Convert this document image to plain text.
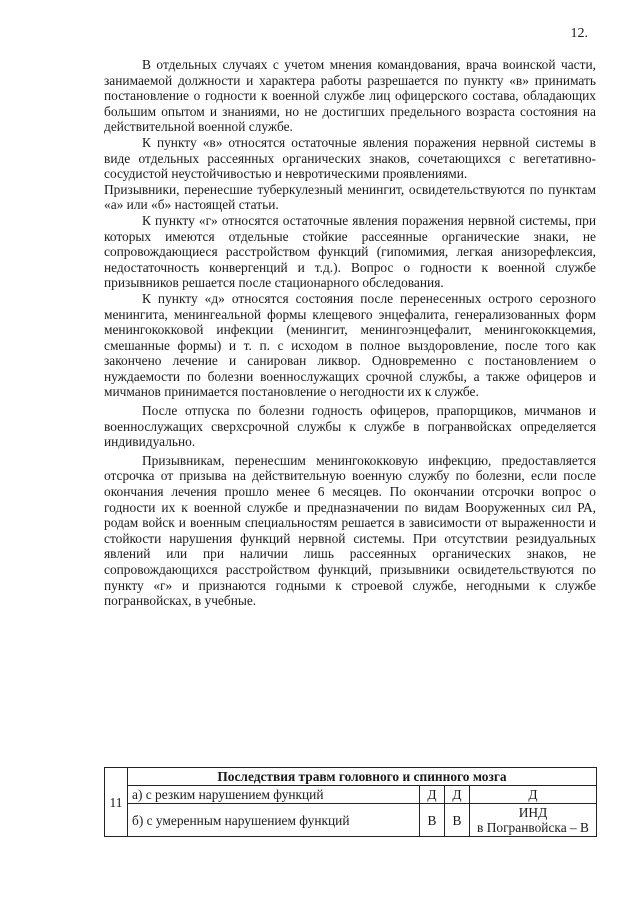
12.

В отдельных случаях с учетом мнения командования, врача воинской части, занимаемой должности и характера работы разрешается по пункту «в» принимать постановление о годности к военной службе лиц офицерского состава, обладающих большим опытом и знаниями, но не достигших предельного возраста состояния на действительной военной службе.

К пункту «в» относятся остаточные явления поражения нервной системы в виде отдельных рассеянных органических знаков, сочетающихся с вегетативно-сосудистой неустойчивостью и невротическими проявлениями.

Призывники, перенесшие туберкулезный менингит, освидетельствуются по пунктам «а» или «б» настоящей статьи.

К пункту «г» относятся остаточные явления поражения нервной системы, при которых имеются отдельные стойкие рассеянные органические знаки, не сопровождающиеся расстройством функций (гипомимия, легкая анизорефлексия, недостаточность конвергенций и т.д.). Вопрос о годности к военной службе призывников решается после стационарного обследования.

К пункту «д» относятся состояния после перенесенных острого серозного менингита, менингеальной формы клещевого энцефалита, генерализованных форм менингококковой инфекции (менингит, менингоэнцефалит, менингококкцемия, смешанные формы) и т. п. с исходом в полное выздоровление, после того как закончено лечение и санирован ликвор. Одновременно с постановлением о нуждаемости по болезни военнослужащих срочной службы, а также офицеров и мичманов принимается постановление о негодности их к службе.

После отпуска по болезни годность офицеров, прапорщиков, мичманов и военнослужащих сверхсрочной службы к службе в погранвойсках определяется индивидуально.

Призывникам, перенесшим менингококковую инфекцию, предоставляется отсрочка от призыва на действительную военную службу по болезни, если после окончания лечения прошло менее 6 месяцев. По окончании отсрочки вопрос о годности их к военной службе и предназначении по видам Вооруженных сил РА, родам войск и военным специальностям решается в зависимости от выраженности и стойкости нарушения функций нервной системы. При отсутствии резидуальных явлений или при наличии лишь рассеянных органических знаков, не сопровождающихся расстройством функций, призывники освидетельствуются по пункту «г» и признаются годными к строевой службе, негодными к службе погранвойсках, в учебные.

11	Последствия травм головного и спинного мозга			
	а) с резким нарушением функций	Д	Д	Д
	б) с умеренным нарушением функций	В	В	ИНД
в Погранвойска – В
